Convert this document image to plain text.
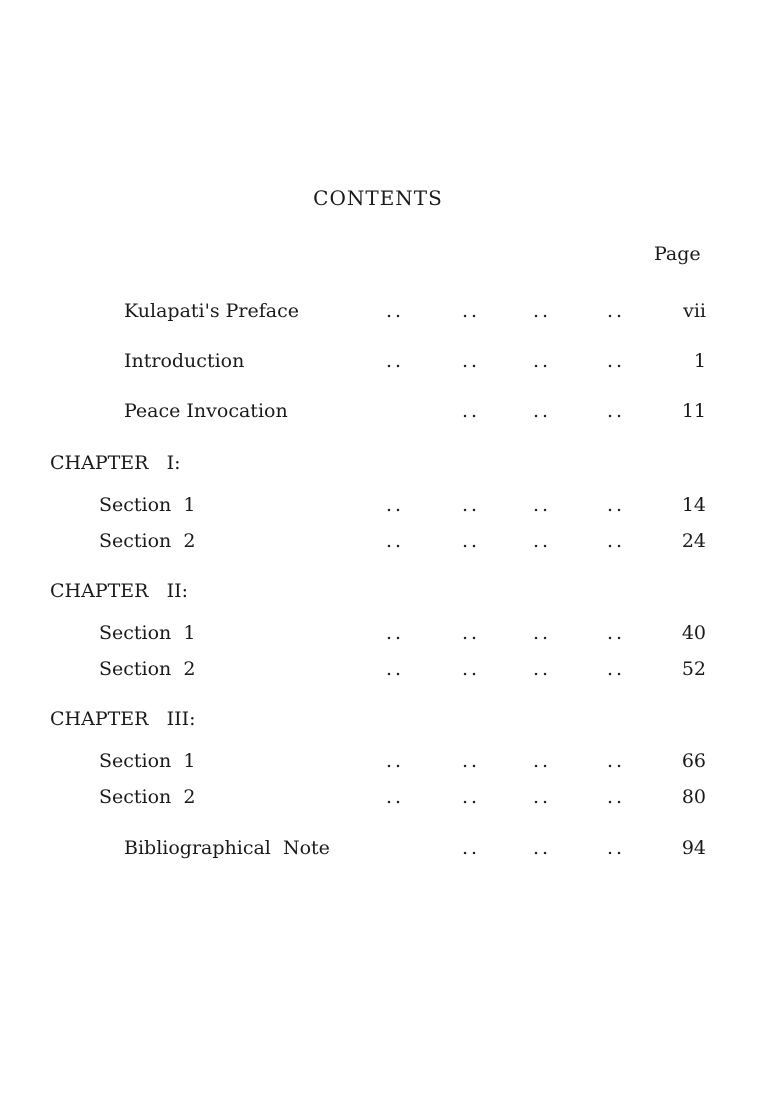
CONTENTS
Page
Kulapati's Preface	..	..	..	..	vii
Introduction	..	..	..	..	1
Peace Invocation	..	..	..	11
CHAPTER   I:
Section  1	..	..	..	..	14
Section  2	..	..	..	..	24
CHAPTER   II:
Section  1	..	..	..	..	40
Section  2	..	..	..	..	52
CHAPTER   III:
Section  1	..	..	..	..	66
Section  2	..	..	..	..	80
Bibliographical  Note	..	..	..	94
